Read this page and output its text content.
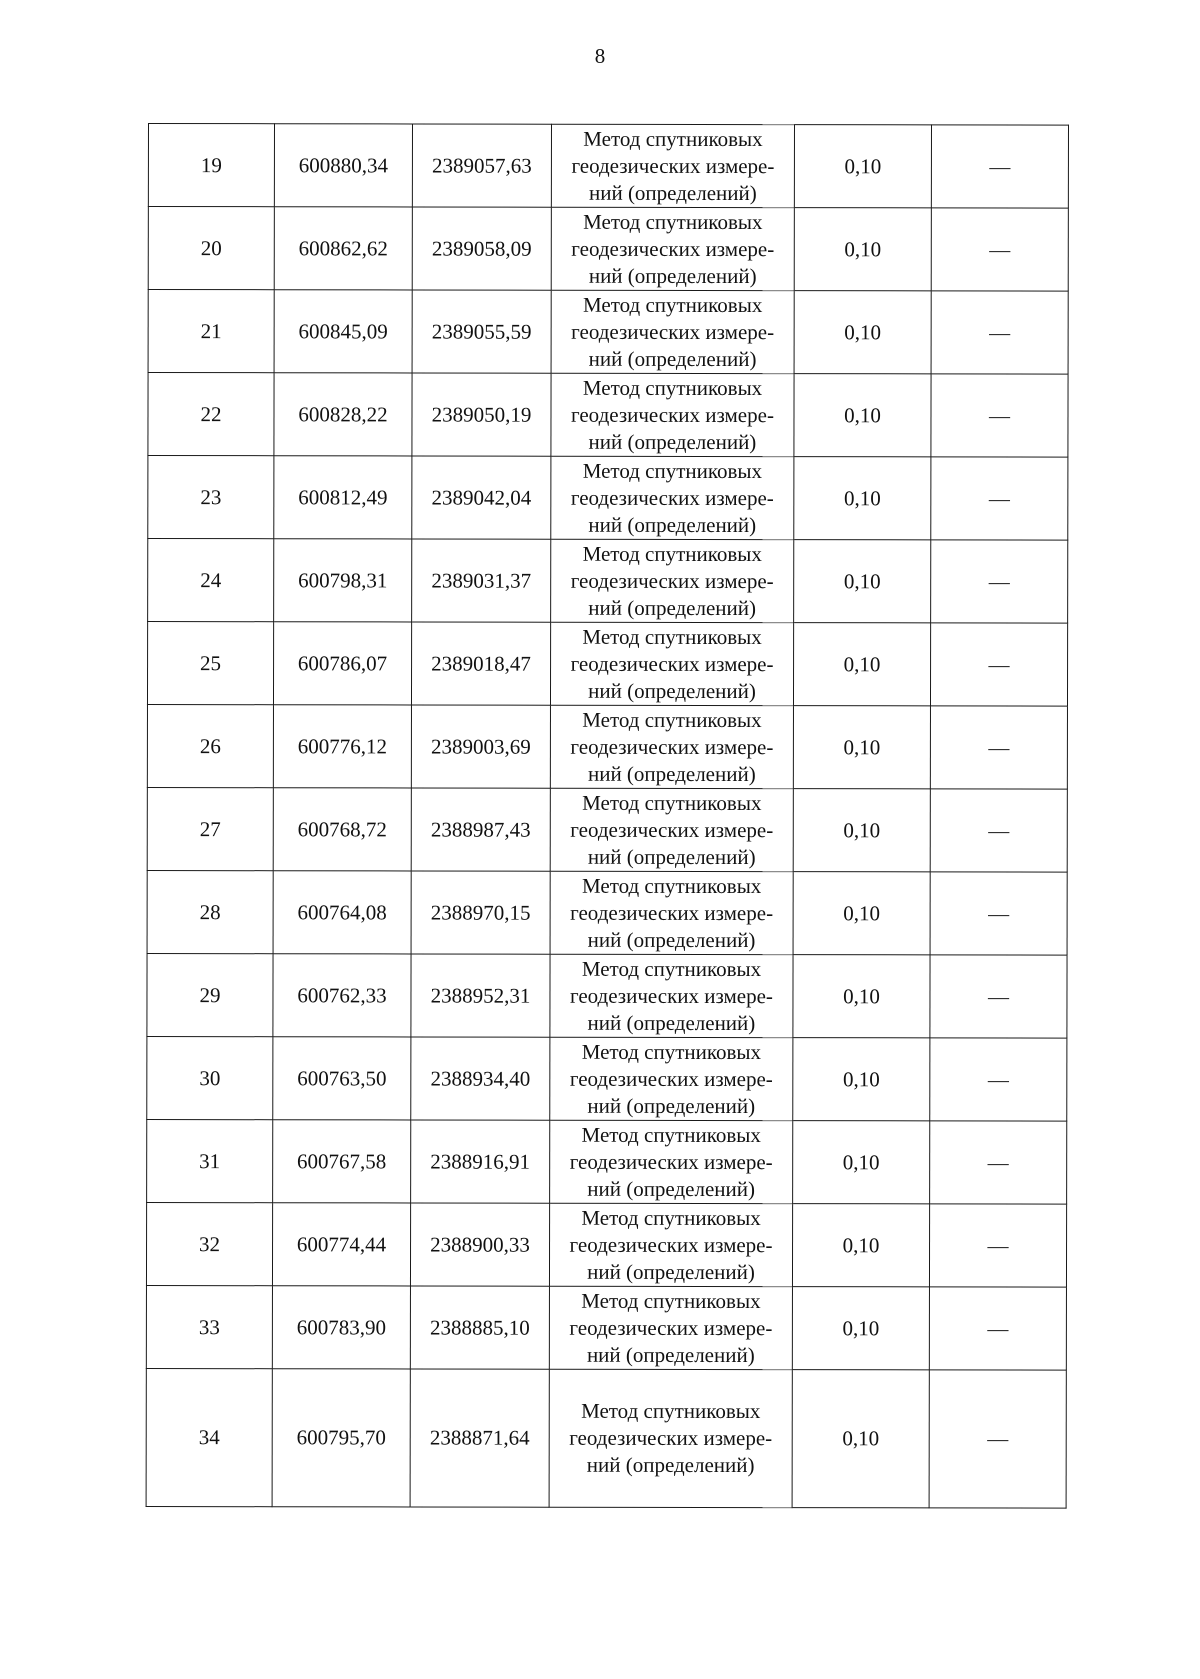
8
19	600880,34	2389057,63	Метод спутниковых
геодезических измере-
ний (определений)	0,10	—
20	600862,62	2389058,09	Метод спутниковых
геодезических измере-
ний (определений)	0,10	—
21	600845,09	2389055,59	Метод спутниковых
геодезических измере-
ний (определений)	0,10	—
22	600828,22	2389050,19	Метод спутниковых
геодезических измере-
ний (определений)	0,10	—
23	600812,49	2389042,04	Метод спутниковых
геодезических измере-
ний (определений)	0,10	—
24	600798,31	2389031,37	Метод спутниковых
геодезических измере-
ний (определений)	0,10	—
25	600786,07	2389018,47	Метод спутниковых
геодезических измере-
ний (определений)	0,10	—
26	600776,12	2389003,69	Метод спутниковых
геодезических измере-
ний (определений)	0,10	—
27	600768,72	2388987,43	Метод спутниковых
геодезических измере-
ний (определений)	0,10	—
28	600764,08	2388970,15	Метод спутниковых
геодезических измере-
ний (определений)	0,10	—
29	600762,33	2388952,31	Метод спутниковых
геодезических измере-
ний (определений)	0,10	—
30	600763,50	2388934,40	Метод спутниковых
геодезических измере-
ний (определений)	0,10	—
31	600767,58	2388916,91	Метод спутниковых
геодезических измере-
ний (определений)	0,10	—
32	600774,44	2388900,33	Метод спутниковых
геодезических измере-
ний (определений)	0,10	—
33	600783,90	2388885,10	Метод спутниковых
геодезических измере-
ний (определений)	0,10	—
34	600795,70	2388871,64	Метод спутниковых
геодезических измере-
ний (определений)	0,10	—
